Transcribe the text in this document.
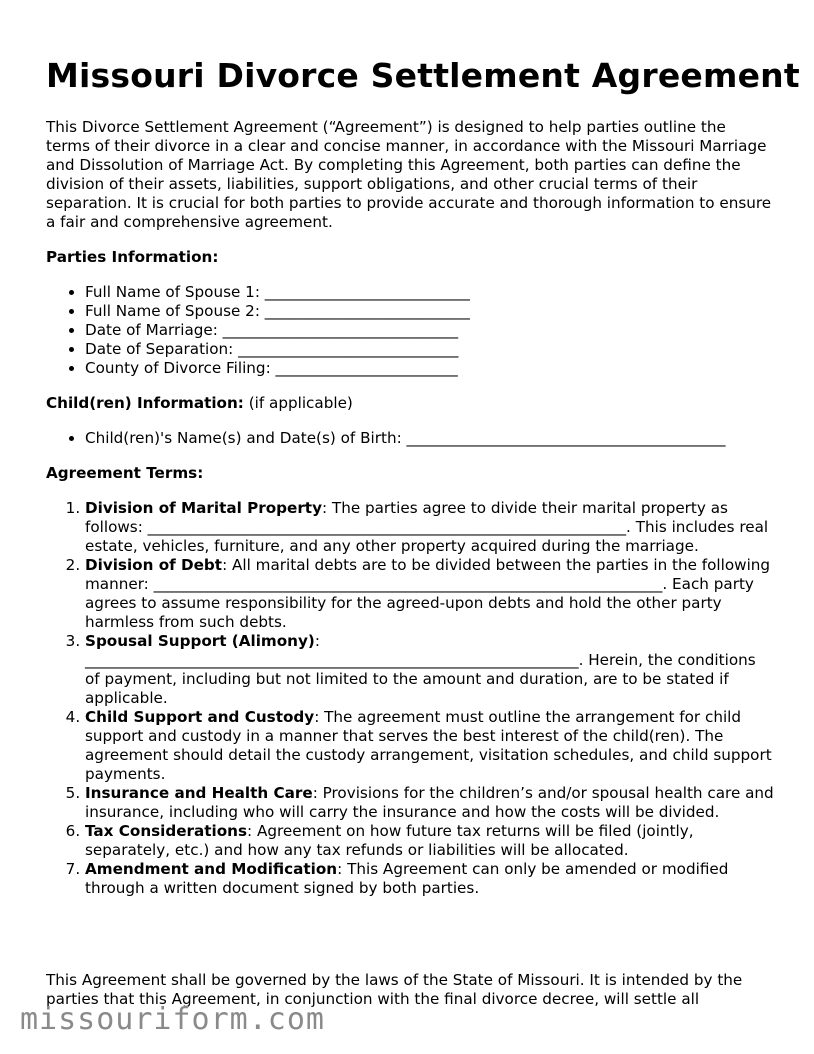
Missouri Divorce Settlement Agreement
This Divorce Settlement Agreement (“Agreement”) is designed to help parties outline the terms of their divorce in a clear and concise manner, in accordance with the Missouri Marriage and Dissolution of Marriage Act. By completing this Agreement, both parties can define the division of their assets, liabilities, support obligations, and other crucial terms of their separation. It is crucial for both parties to provide accurate and thorough information to ensure a fair and comprehensive agreement.
Parties Information:
• Full Name of Spouse 1: ___________________________
• Full Name of Spouse 2: ___________________________
• Date of Marriage: _______________________________
• Date of Separation: _____________________________
• County of Divorce Filing: ________________________
Child(ren) Information: (if applicable)
• Child(ren)'s Name(s) and Date(s) of Birth: __________________________________________
Agreement Terms:
1. Division of Marital Property: The parties agree to divide their marital property as follows: _______________________________________________________________. This includes real estate, vehicles, furniture, and any other property acquired during the marriage.
2. Division of Debt: All marital debts are to be divided between the parties in the following manner: ___________________________________________________________________. Each party agrees to assume responsibility for the agreed-upon debts and hold the other party harmless from such debts.
3. Spousal Support (Alimony): _________________________________________________________________. Herein, the conditions of payment, including but not limited to the amount and duration, are to be stated if applicable.
4. Child Support and Custody: The agreement must outline the arrangement for child support and custody in a manner that serves the best interest of the child(ren). The agreement should detail the custody arrangement, visitation schedules, and child support payments.
5. Insurance and Health Care: Provisions for the children’s and/or spousal health care and insurance, including who will carry the insurance and how the costs will be divided.
6. Tax Considerations: Agreement on how future tax returns will be filed (jointly, separately, etc.) and how any tax refunds or liabilities will be allocated.
7. Amendment and Modification: This Agreement can only be amended or modified through a written document signed by both parties.
This Agreement shall be governed by the laws of the State of Missouri. It is intended by the parties that this Agreement, in conjunction with the final divorce decree, will settle all
missouriform.com
